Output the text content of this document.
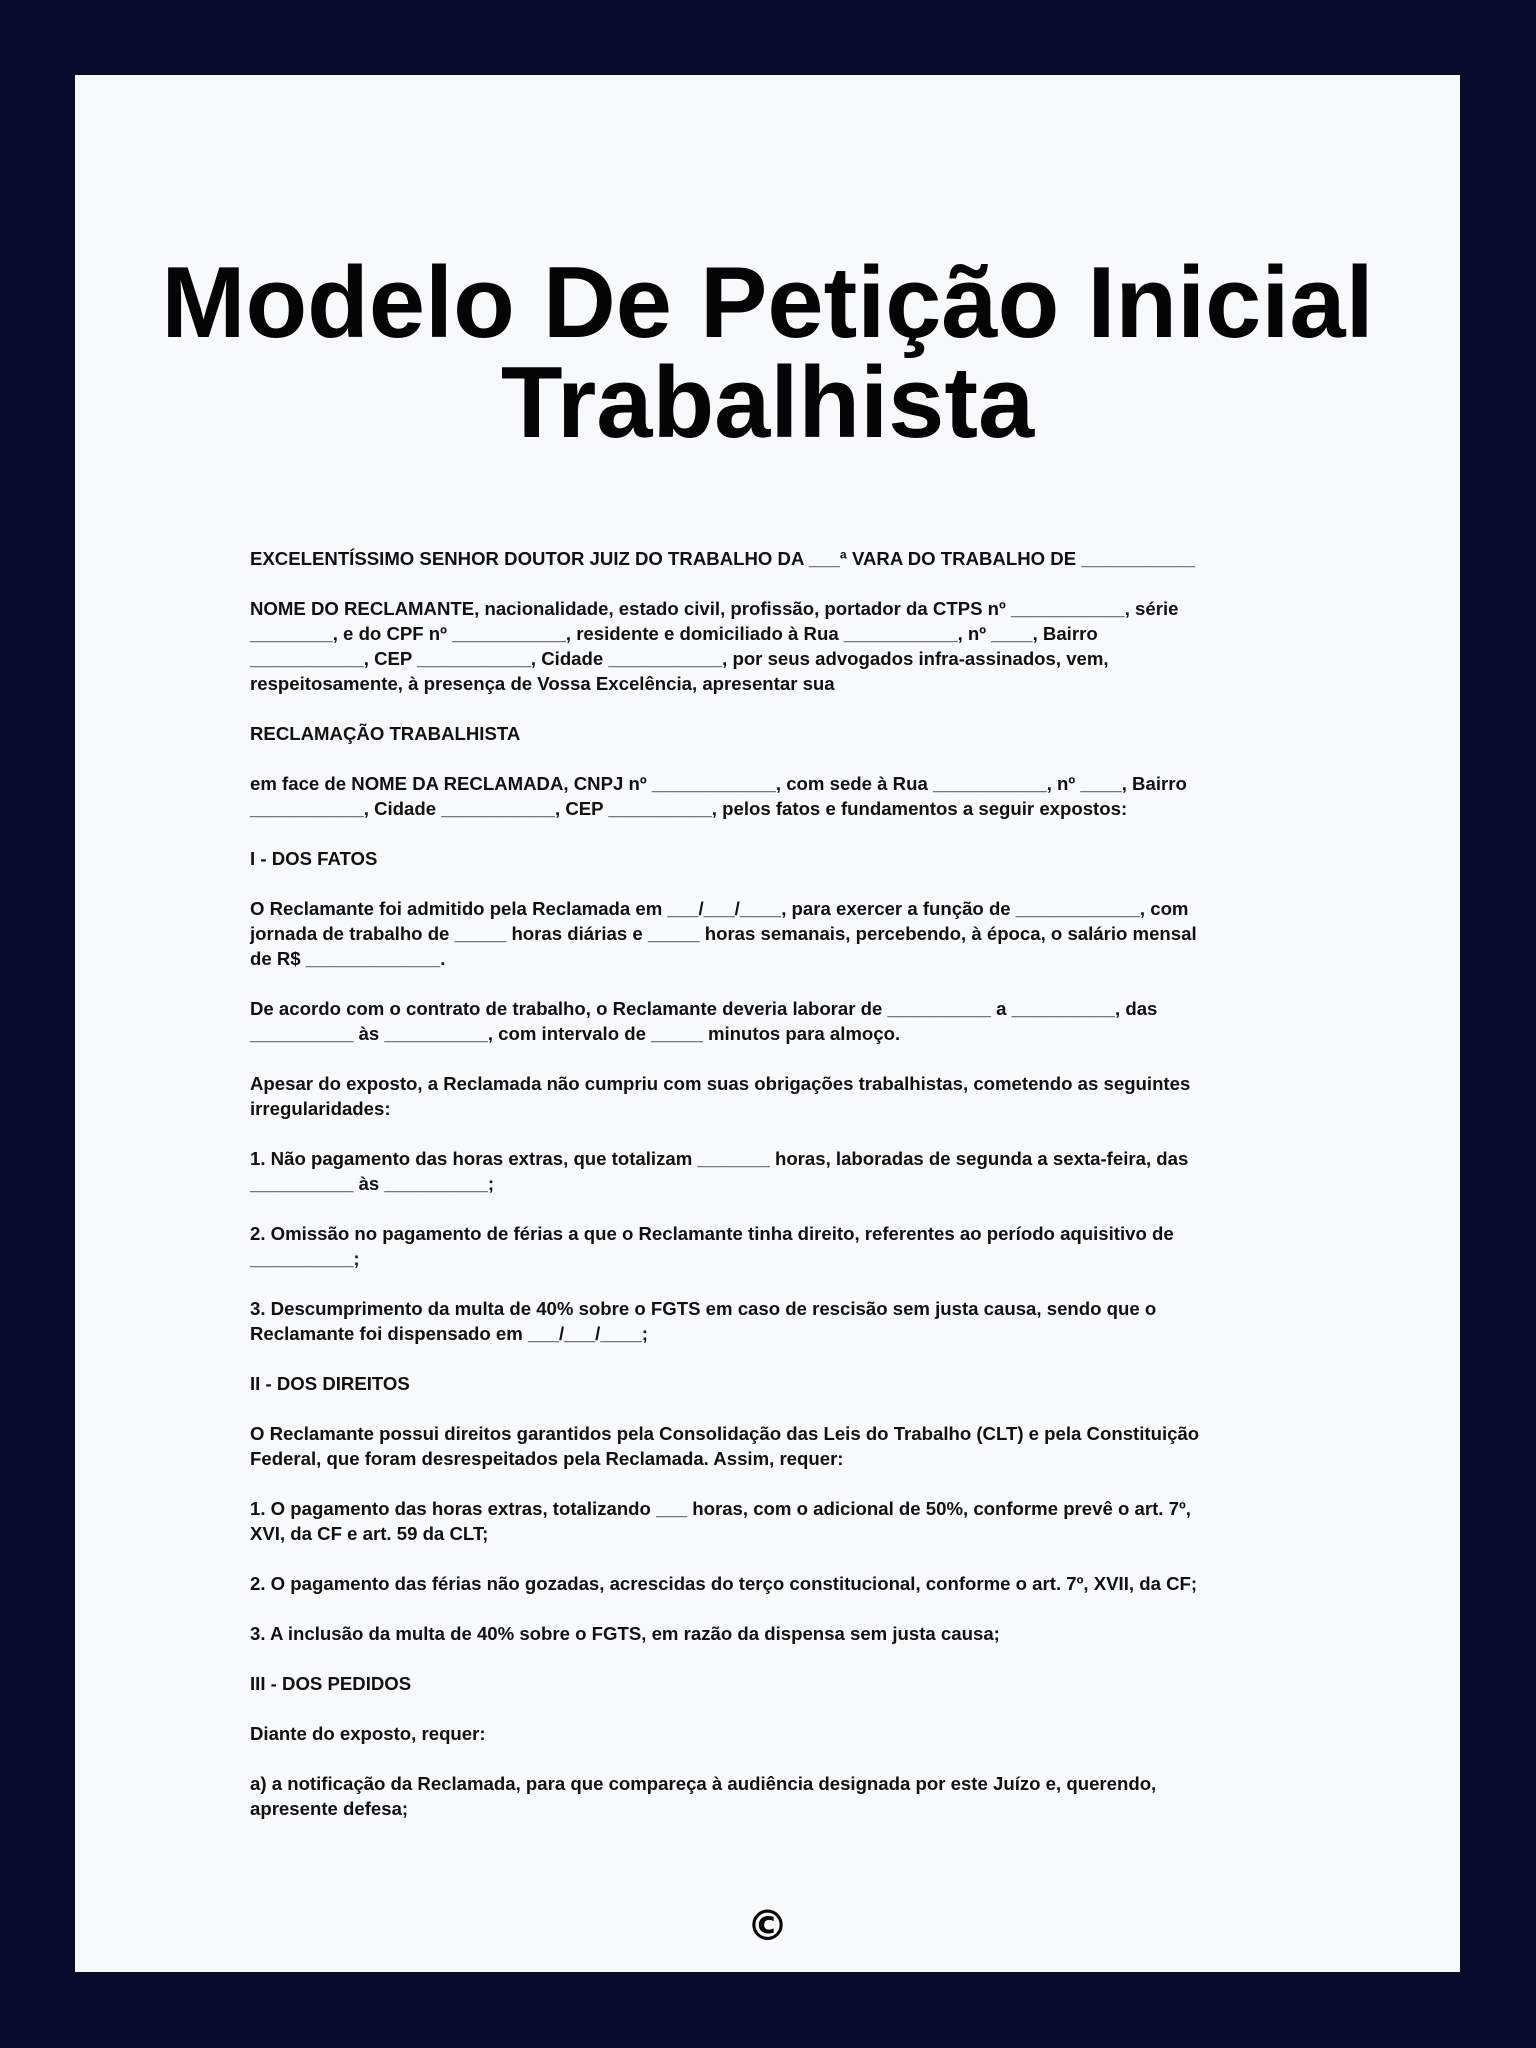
Modelo De Petição Inicial
Trabalhista

EXCELENTÍSSIMO SENHOR DOUTOR JUIZ DO TRABALHO DA ___ª VARA DO TRABALHO DE ___________

NOME DO RECLAMANTE, nacionalidade, estado civil, profissão, portador da CTPS nº ___________, série
________, e do CPF nº ___________, residente e domiciliado à Rua ___________, nº ____, Bairro
___________, CEP ___________, Cidade ___________, por seus advogados infra-assinados, vem,
respeitosamente, à presença de Vossa Excelência, apresentar sua

RECLAMAÇÃO TRABALHISTA

em face de NOME DA RECLAMADA, CNPJ nº ____________, com sede à Rua ___________, nº ____, Bairro
___________, Cidade ___________, CEP __________, pelos fatos e fundamentos a seguir expostos:

I - DOS FATOS

O Reclamante foi admitido pela Reclamada em ___/___/____, para exercer a função de ____________, com
jornada de trabalho de _____ horas diárias e _____ horas semanais, percebendo, à época, o salário mensal
de R$ _____________.

De acordo com o contrato de trabalho, o Reclamante deveria laborar de __________ a __________, das
__________ às __________, com intervalo de _____ minutos para almoço.

Apesar do exposto, a Reclamada não cumpriu com suas obrigações trabalhistas, cometendo as seguintes
irregularidades:

1. Não pagamento das horas extras, que totalizam _______ horas, laboradas de segunda a sexta-feira, das
__________ às __________;

2. Omissão no pagamento de férias a que o Reclamante tinha direito, referentes ao período aquisitivo de
__________;

3. Descumprimento da multa de 40% sobre o FGTS em caso de rescisão sem justa causa, sendo que o
Reclamante foi dispensado em ___/___/____;

II - DOS DIREITOS

O Reclamante possui direitos garantidos pela Consolidação das Leis do Trabalho (CLT) e pela Constituição
Federal, que foram desrespeitados pela Reclamada. Assim, requer:

1. O pagamento das horas extras, totalizando ___ horas, com o adicional de 50%, conforme prevê o art. 7º,
XVI, da CF e art. 59 da CLT;

2. O pagamento das férias não gozadas, acrescidas do terço constitucional, conforme o art. 7º, XVII, da CF;

3. A inclusão da multa de 40% sobre o FGTS, em razão da dispensa sem justa causa;

III - DOS PEDIDOS

Diante do exposto, requer:

a) a notificação da Reclamada, para que compareça à audiência designada por este Juízo e, querendo,
apresente defesa;

©
